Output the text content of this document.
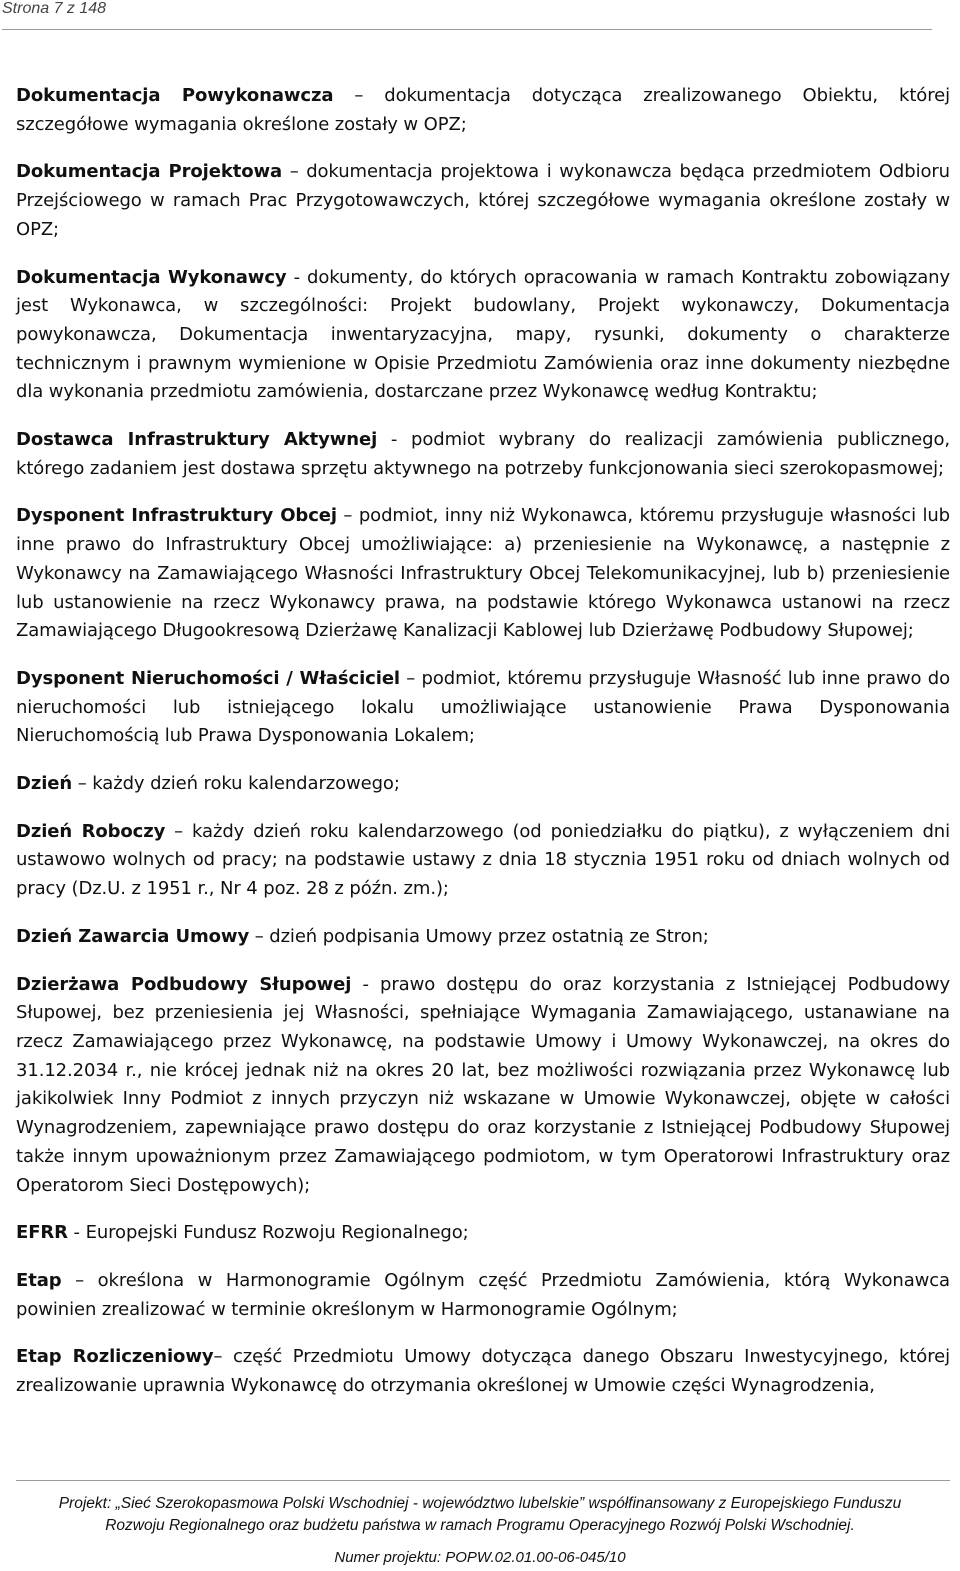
Strona 7 z 148

Dokumentacja Powykonawcza – dokumentacja dotycząca zrealizowanego Obiektu, której szczegółowe wymagania określone zostały w OPZ;

Dokumentacja Projektowa – dokumentacja projektowa i wykonawcza będąca przedmiotem Odbioru Przejściowego w ramach Prac Przygotowawczych, której szczegółowe wymagania określone zostały w OPZ;

Dokumentacja Wykonawcy - dokumenty, do których opracowania w ramach Kontraktu zobowiązany jest Wykonawca, w szczególności: Projekt budowlany, Projekt wykonawczy, Dokumentacja powykonawcza, Dokumentacja inwentaryzacyjna, mapy, rysunki, dokumenty o charakterze technicznym i prawnym wymienione w Opisie Przedmiotu Zamówienia oraz inne dokumenty niezbędne dla wykonania przedmiotu zamówienia, dostarczane przez Wykonawcę według Kontraktu;

Dostawca Infrastruktury Aktywnej - podmiot wybrany do realizacji zamówienia publicznego, którego zadaniem jest dostawa sprzętu aktywnego na potrzeby funkcjonowania sieci szerokopasmowej;

Dysponent Infrastruktury Obcej – podmiot, inny niż Wykonawca, któremu przysługuje własności lub inne prawo do Infrastruktury Obcej umożliwiające: a) przeniesienie na Wykonawcę, a następnie z Wykonawcy na Zamawiającego Własności Infrastruktury Obcej Telekomunikacyjnej, lub b) przeniesienie lub ustanowienie na rzecz Wykonawcy prawa, na podstawie którego Wykonawca ustanowi na rzecz Zamawiającego Długookresową Dzierżawę Kanalizacji Kablowej lub Dzierżawę Podbudowy Słupowej;

Dysponent Nieruchomości / Właściciel – podmiot, któremu przysługuje Własność lub inne prawo do nieruchomości lub istniejącego lokalu umożliwiające ustanowienie Prawa Dysponowania Nieruchomością lub Prawa Dysponowania Lokalem;

Dzień – każdy dzień roku kalendarzowego;

Dzień Roboczy – każdy dzień roku kalendarzowego (od poniedziałku do piątku), z wyłączeniem dni ustawowo wolnych od pracy; na podstawie ustawy z dnia 18 stycznia 1951 roku od dniach wolnych od pracy (Dz.U. z 1951 r., Nr 4 poz. 28 z późn. zm.);

Dzień Zawarcia Umowy – dzień podpisania Umowy przez ostatnią ze Stron;

Dzierżawa Podbudowy Słupowej - prawo dostępu do oraz korzystania z Istniejącej Podbudowy Słupowej, bez przeniesienia jej Własności, spełniające Wymagania Zamawiającego, ustanawiane na rzecz Zamawiającego przez Wykonawcę, na podstawie Umowy i Umowy Wykonawczej, na okres do 31.12.2034 r., nie krócej jednak niż na okres 20 lat, bez możliwości rozwiązania przez Wykonawcę lub jakikolwiek Inny Podmiot z innych przyczyn niż wskazane w Umowie Wykonawczej, objęte w całości Wynagrodzeniem, zapewniające prawo dostępu do oraz korzystanie z Istniejącej Podbudowy Słupowej także innym upoważnionym przez Zamawiającego podmiotom, w tym Operatorowi Infrastruktury oraz Operatorom Sieci Dostępowych);

EFRR - Europejski Fundusz Rozwoju Regionalnego;

Etap – określona w Harmonogramie Ogólnym część Przedmiotu Zamówienia, którą Wykonawca powinien zrealizować w terminie określonym w Harmonogramie Ogólnym;

Etap Rozliczeniowy– część Przedmiotu Umowy dotycząca danego Obszaru Inwestycyjnego, której zrealizowanie uprawnia Wykonawcę do otrzymania określonej w Umowie części Wynagrodzenia,

Projekt: „Sieć Szerokopasmowa Polski Wschodniej - województwo lubelskie” współfinansowany z Europejskiego Funduszu
Rozwoju Regionalnego oraz budżetu państwa w ramach Programu Operacyjnego Rozwój Polski Wschodniej.
Numer projektu: POPW.02.01.00-06-045/10
